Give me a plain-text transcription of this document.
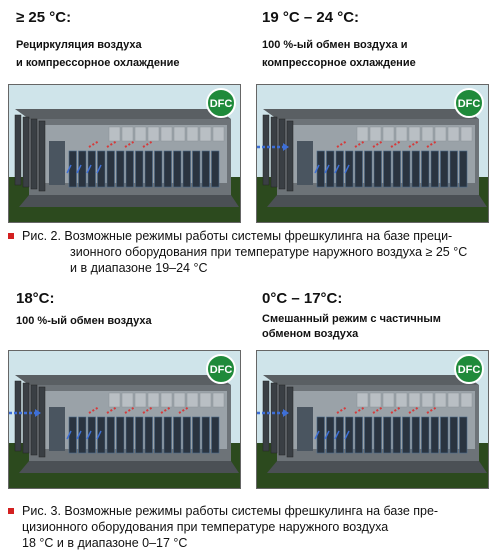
≥ 25 °C:
Рециркуляция воздуха
и компрессорное охлаждение
19 °C – 24 °C:
100 %-ый обмен воздуха и
компрессорное охлаждение
DFC	DFC
Рис. 2. Возможные режимы работы системы фрешкулинга на базе преци-
зионного оборудования при температуре наружного воздуха ≥ 25 °C
и в диапазоне 19–24 °C
18°C:
100 %-ый обмен воздуха
0°C – 17°C:
Смешанный режим с частичным
обменом воздуха
DFC	DFC
Рис. 3. Возможные режимы работы системы фрешкулинга на базе пре-
цизионного оборудования при температуре наружного воздуха
18 °C и в диапазоне 0–17 °C
